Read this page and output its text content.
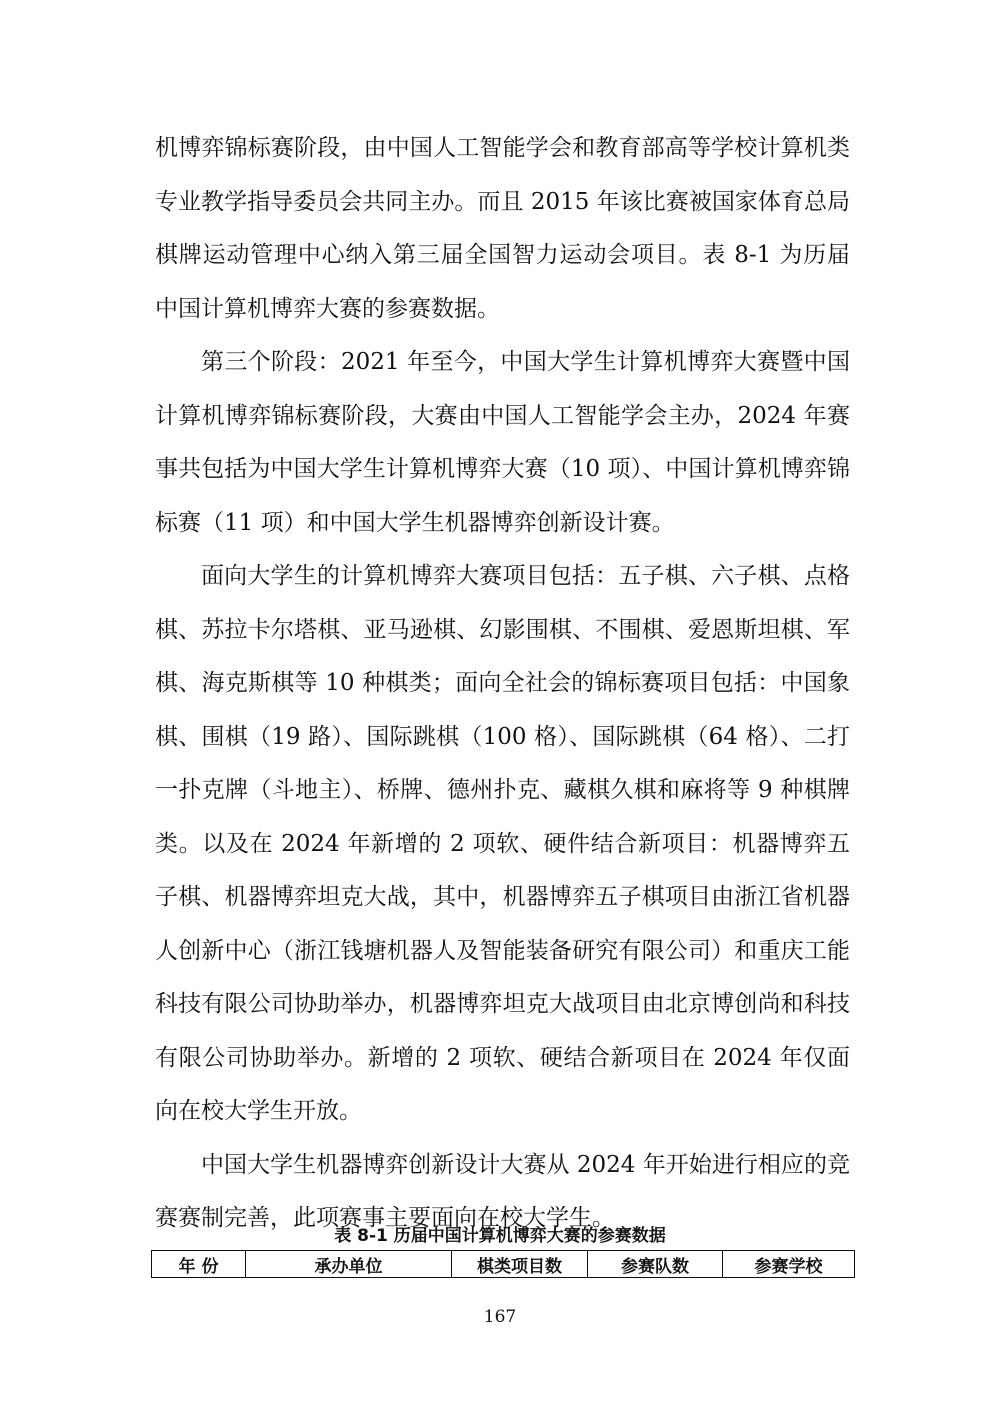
机博弈锦标赛阶段，由中国人工智能学会和教育部高等学校计算机类专业教学指导委员会共同主办。而且 2015 年该比赛被国家体育总局棋牌运动管理中心纳入第三届全国智力运动会项目。表 8-1 为历届中国计算机博弈大赛的参赛数据。

第三个阶段：2021 年至今，中国大学生计算机博弈大赛暨中国计算机博弈锦标赛阶段，大赛由中国人工智能学会主办，2024 年赛事共包括为中国大学生计算机博弈大赛（10 项）、中国计算机博弈锦标赛（11 项）和中国大学生机器博弈创新设计赛。

面向大学生的计算机博弈大赛项目包括：五子棋、六子棋、点格棋、苏拉卡尔塔棋、亚马逊棋、幻影围棋、不围棋、爱恩斯坦棋、军棋、海克斯棋等 10 种棋类；面向全社会的锦标赛项目包括：中国象棋、围棋（19 路）、国际跳棋（100 格）、国际跳棋（64 格）、二打一扑克牌（斗地主）、桥牌、德州扑克、藏棋久棋和麻将等 9 种棋牌类。以及在 2024 年新增的 2 项软、硬件结合新项目：机器博弈五子棋、机器博弈坦克大战，其中，机器博弈五子棋项目由浙江省机器人创新中心（浙江钱塘机器人及智能装备研究有限公司）和重庆工能科技有限公司协助举办，机器博弈坦克大战项目由北京博创尚和科技有限公司协助举办。新增的 2 项软、硬结合新项目在 2024 年仅面向在校大学生开放。

中国大学生机器博弈创新设计大赛从 2024 年开始进行相应的竞赛赛制完善，此项赛事主要面向在校大学生。

表 8-1 历届中国计算机博弈大赛的参赛数据
年 份	承办单位	棋类项目数	参赛队数	参赛学校
167
